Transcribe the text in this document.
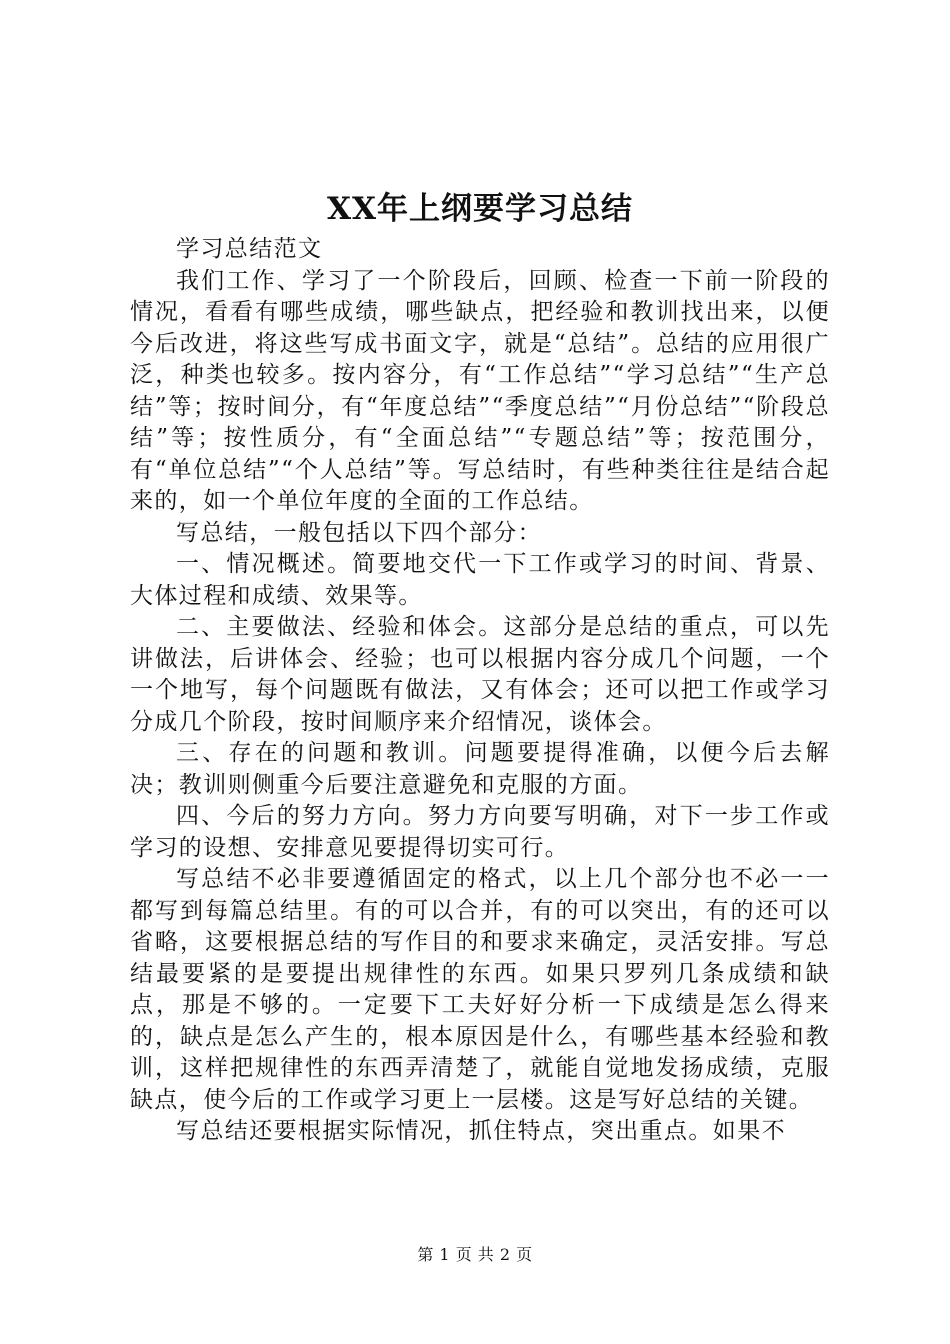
XX年上纲要学习总结

学习总结范文

我们工作、学习了一个阶段后，回顾、检查一下前一阶段的情况，看看有哪些成绩，哪些缺点，把经验和教训找出来，以便今后改进，将这些写成书面文字，就是“总结”。总结的应用很广泛，种类也较多。按内容分，有“工作总结”“学习总结”“生产总结”等；按时间分，有“年度总结”“季度总结”“月份总结”“阶段总结”等；按性质分，有“全面总结”“专题总结”等；按范围分，有“单位总结”“个人总结”等。写总结时，有些种类往往是结合起来的，如一个单位年度的全面的工作总结。

写总结，一般包括以下四个部分：

一、情况概述。简要地交代一下工作或学习的时间、背景、大体过程和成绩、效果等。

二、主要做法、经验和体会。这部分是总结的重点，可以先讲做法，后讲体会、经验；也可以根据内容分成几个问题，一个一个地写，每个问题既有做法，又有体会；还可以把工作或学习分成几个阶段，按时间顺序来介绍情况，谈体会。

三、存在的问题和教训。问题要提得准确，以便今后去解决；教训则侧重今后要注意避免和克服的方面。

四、今后的努力方向。努力方向要写明确，对下一步工作或学习的设想、安排意见要提得切实可行。

写总结不必非要遵循固定的格式，以上几个部分也不必一一都写到每篇总结里。有的可以合并，有的可以突出，有的还可以省略，这要根据总结的写作目的和要求来确定，灵活安排。写总结最要紧的是要提出规律性的东西。如果只罗列几条成绩和缺点，那是不够的。一定要下工夫好好分析一下成绩是怎么得来的，缺点是怎么产生的，根本原因是什么，有哪些基本经验和教训，这样把规律性的东西弄清楚了，就能自觉地发扬成绩，克服缺点，使今后的工作或学习更上一层楼。这是写好总结的关键。

写总结还要根据实际情况，抓住特点，突出重点。如果不

第 1 页 共 2 页
